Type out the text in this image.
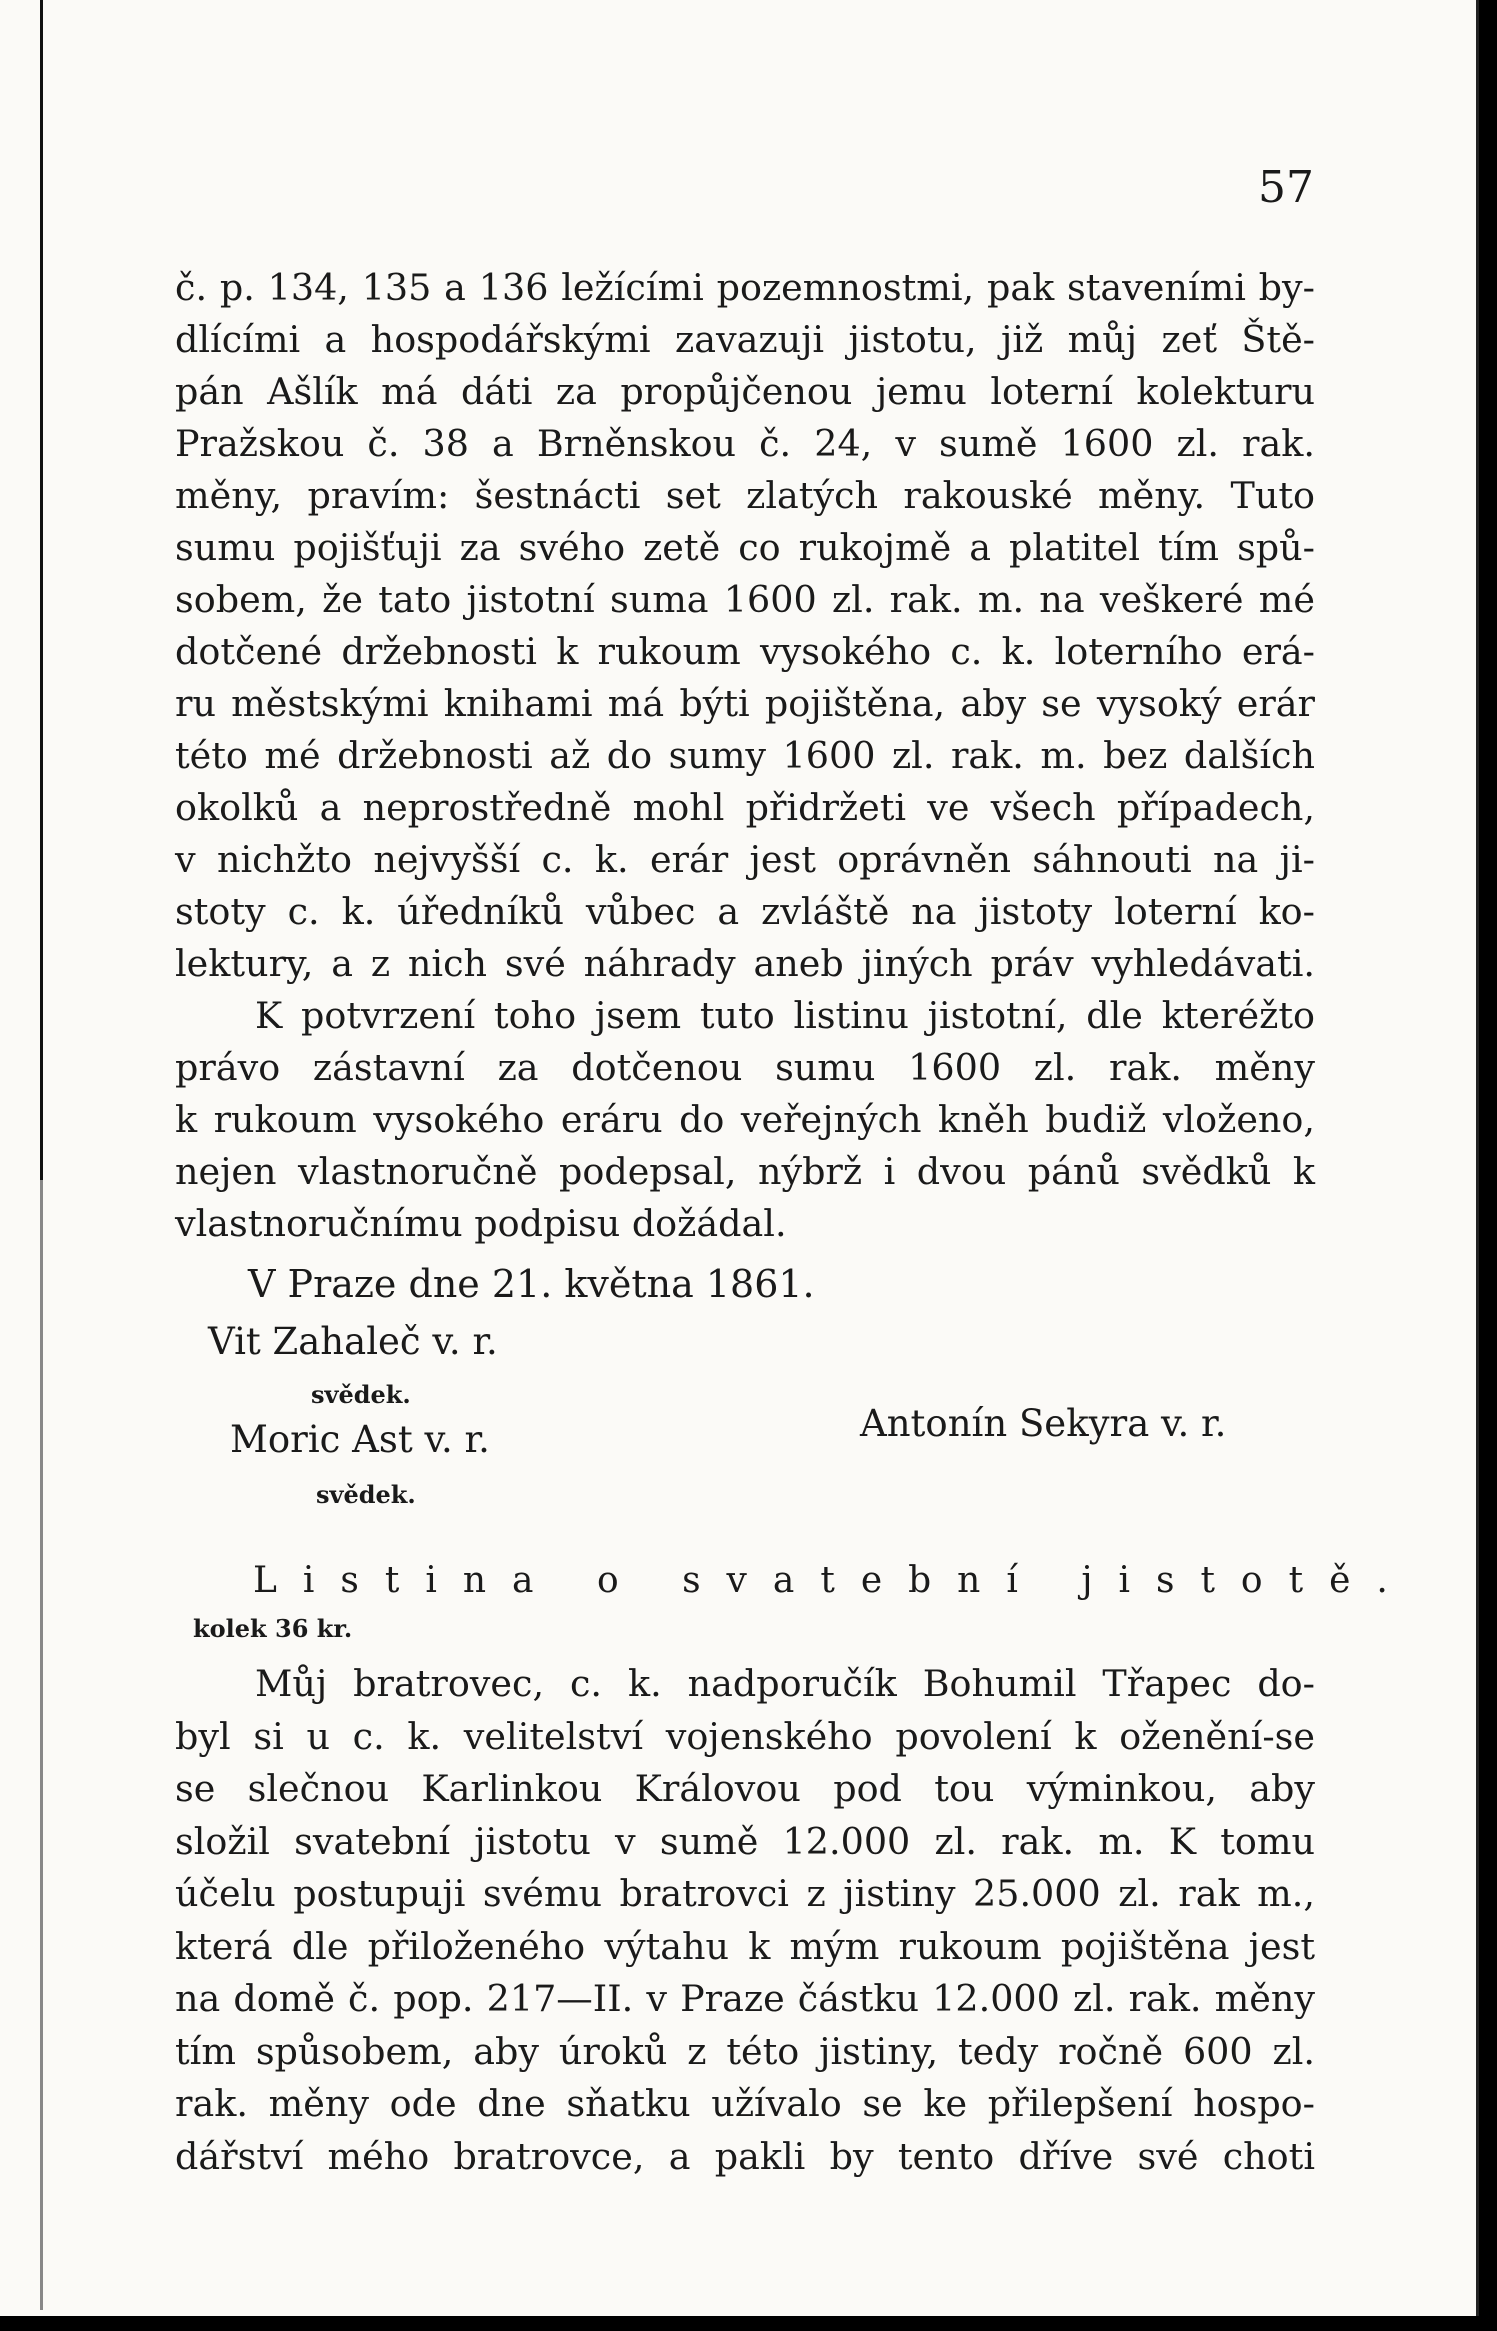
57
č. p. 134, 135 a 136 ležícími pozemnostmi, pak staveními by-
dlícími a hospodářskými zavazuji jistotu, již můj zeť Ště-
pán Ašlík má dáti za propůjčenou jemu loterní kolekturu
Pražskou č. 38 a Brněnskou č. 24, v sumě 1600 zl. rak.
měny, pravím: šestnácti set zlatých rakouské měny. Tuto
sumu pojišťuji za svého zetě co rukojmě a platitel tím spů-
sobem, že tato jistotní suma 1600 zl. rak. m. na veškeré mé
dotčené držebnosti k rukoum vysokého c. k. loterního erá-
ru městskými knihami má býti pojištěna, aby se vysoký erár
této mé držebnosti až do sumy 1600 zl. rak. m. bez dalších
okolků a neprostředně mohl přidržeti ve všech případech,
v nichžto nejvyšší c. k. erár jest oprávněn sáhnouti na ji-
stoty c. k. úředníků vůbec a zvláště na jistoty loterní ko-
lektury, a z nich své náhrady aneb jiných práv vyhledávati.
K potvrzení toho jsem tuto listinu jistotní, dle kteréžto
právo zástavní za dotčenou sumu 1600 zl. rak. měny
k rukoum vysokého eráru do veřejných kněh budiž vloženo,
nejen vlastnoručně podepsal, nýbrž i dvou pánů svědků k
vlastnoručnímu podpisu dožádal.
V Praze dne 21. května 1861.
Vit Zahaleč v. r.
svědek.
Moric Ast v. r.
svědek.
Antonín Sekyra v. r.
Listina o svatební jistotě.
kolek 36 kr.
Můj bratrovec, c. k. nadporučík Bohumil Třapec do-
byl si u c. k. velitelství vojenského povolení k oženění-se
se slečnou Karlinkou Královou pod tou výminkou, aby
složil svatební jistotu v sumě 12.000 zl. rak. m. K tomu
účelu postupuji svému bratrovci z jistiny 25.000 zl. rak m.,
která dle přiloženého výtahu k mým rukoum pojištěna jest
na domě č. pop. 217—II. v Praze částku 12.000 zl. rak. měny
tím spůsobem, aby úroků z této jistiny, tedy ročně 600 zl.
rak. měny ode dne sňatku užívalo se ke přilepšení hospo-
dářství mého bratrovce, a pakli by tento dříve své choti
